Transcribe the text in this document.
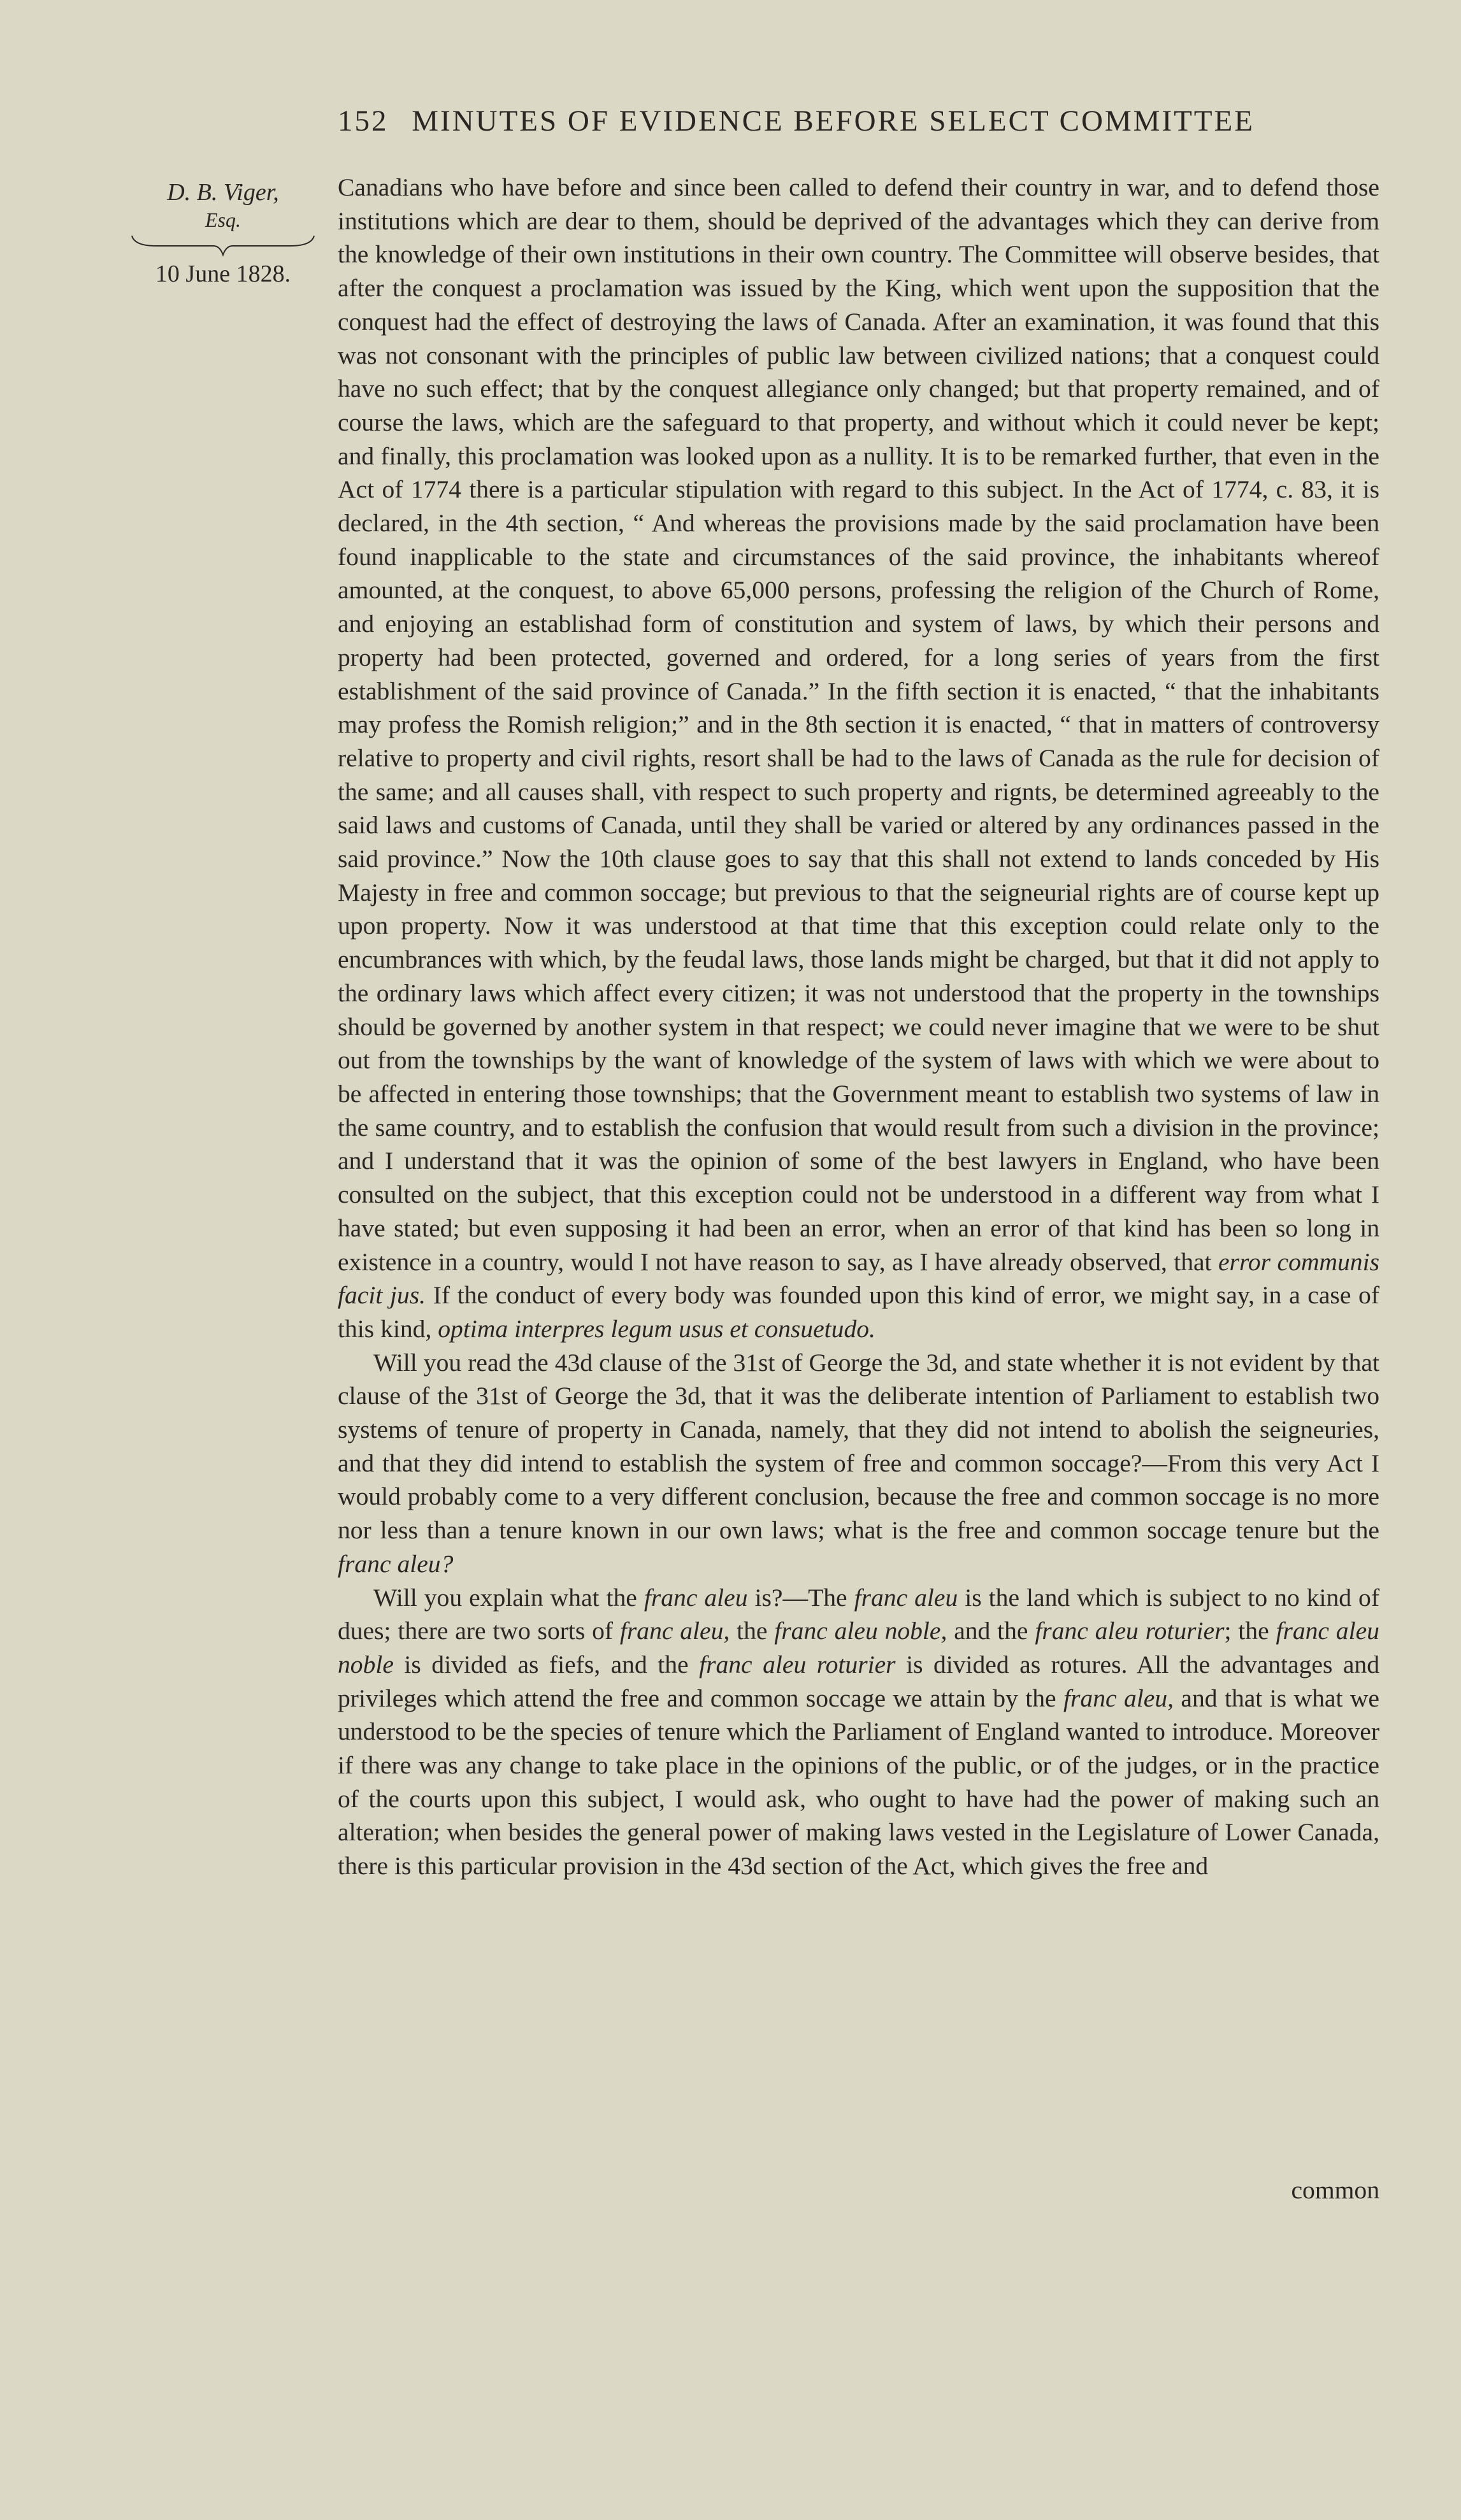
152 MINUTES OF EVIDENCE BEFORE SELECT COMMITTEE
D. B. Viger,
Esq.
10 June 1828.

Canadians who have before and since been called to defend their country in war, and to defend those institutions which are dear to them, should be deprived of the advantages which they can derive from the knowledge of their own institutions in their own country. The Committee will observe besides, that after the conquest a proclamation was issued by the King, which went upon the supposition that the conquest had the effect of destroying the laws of Canada. After an examination, it was found that this was not consonant with the principles of public law between civilized nations; that a conquest could have no such effect; that by the conquest allegiance only changed; but that property remained, and of course the laws, which are the safeguard to that property, and without which it could never be kept; and finally, this proclamation was looked upon as a nullity. It is to be remarked further, that even in the Act of 1774 there is a particular stipulation with regard to this subject. In the Act of 1774, c. 83, it is declared, in the 4th section, “ And whereas the provisions made by the said proclamation have been found inapplicable to the state and circumstances of the said province, the inhabitants whereof amounted, at the conquest, to above 65,000 persons, professing the religion of the Church of Rome, and enjoying an establishad form of constitution and system of laws, by which their persons and property had been protected, governed and ordered, for a long series of years from the first establishment of the said province of Canada.” In the fifth section it is enacted, “ that the inhabitants may profess the Romish religion;” and in the 8th section it is enacted, “ that in matters of controversy relative to property and civil rights, resort shall be had to the laws of Canada as the rule for decision of the same; and all causes shall, vith respect to such property and rignts, be determined agreeably to the said laws and customs of Canada, until they shall be varied or altered by any ordinances passed in the said province.” Now the 10th clause goes to say that this shall not extend to lands conceded by His Majesty in free and common soccage; but previous to that the seigneurial rights are of course kept up upon property. Now it was understood at that time that this exception could relate only to the encumbrances with which, by the feudal laws, those lands might be charged, but that it did not apply to the ordinary laws which affect every citizen; it was not understood that the property in the townships should be governed by another system in that respect; we could never imagine that we were to be shut out from the townships by the want of knowledge of the system of laws with which we were about to be affected in entering those townships; that the Government meant to establish two systems of law in the same country, and to establish the confusion that would result from such a division in the province; and I understand that it was the opinion of some of the best lawyers in England, who have been consulted on the subject, that this exception could not be understood in a different way from what I have stated; but even supposing it had been an error, when an error of that kind has been so long in existence in a country, would I not have reason to say, as I have already observed, that error communis facit jus. If the conduct of every body was founded upon this kind of error, we might say, in a case of this kind, optima interpres legum usus et consuetudo.

Will you read the 43d clause of the 31st of George the 3d, and state whether it is not evident by that clause of the 31st of George the 3d, that it was the deliberate intention of Parliament to establish two systems of tenure of property in Canada, namely, that they did not intend to abolish the seigneuries, and that they did intend to establish the system of free and common soccage?—From this very Act I would probably come to a very different conclusion, because the free and common soccage is no more nor less than a tenure known in our own laws; what is the free and common soccage tenure but the franc aleu?

Will you explain what the franc aleu is?—The franc aleu is the land which is subject to no kind of dues; there are two sorts of franc aleu, the franc aleu noble, and the franc aleu roturier; the franc aleu noble is divided as fiefs, and the franc aleu roturier is divided as rotures. All the advantages and privileges which attend the free and common soccage we attain by the franc aleu, and that is what we understood to be the species of tenure which the Parliament of England wanted to introduce. Moreover if there was any change to take place in the opinions of the public, or of the judges, or in the practice of the courts upon this subject, I would ask, who ought to have had the power of making such an alteration; when besides the general power of making laws vested in the Legislature of Lower Canada, there is this particular provision in the 43d section of the Act, which gives the free and

common
